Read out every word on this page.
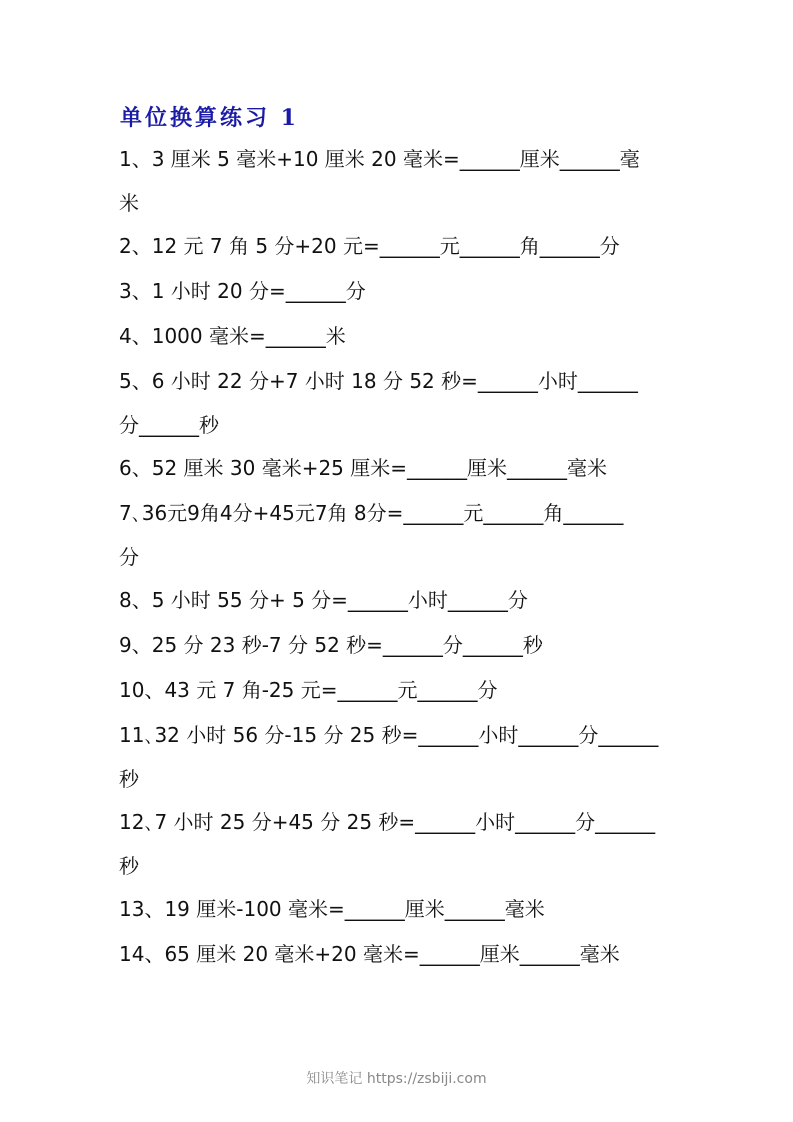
单位换算练习 1
1、3 厘米 5 毫米+10 厘米 20 毫米=______厘米______毫
米
2、12 元 7 角 5 分+20 元=______元______角______分
3、1 小时 20 分=______分
4、1000 毫米=______米
5、6 小时 22 分+7 小时 18 分 52 秒=______小时______
分______秒
6、52 厘米 30 毫米+25 厘米=______厘米______毫米
7､36元9角4分+45元7角 8分=______元______角______
分
8、5 小时 55 分+ 5 分=______小时______分
9、25 分 23 秒-7 分 52 秒=______分______秒
10、43 元 7 角-25 元=______元______分
11､32 小时 56 分-15 分 25 秒=______小时______分______
秒
12､7 小时 25 分+45 分 25 秒=______小时______分______
秒
13、19 厘米-100 毫米=______厘米______毫米
14、65 厘米 20 毫米+20 毫米=______厘米______毫米
知识笔记 https://zsbiji.com
